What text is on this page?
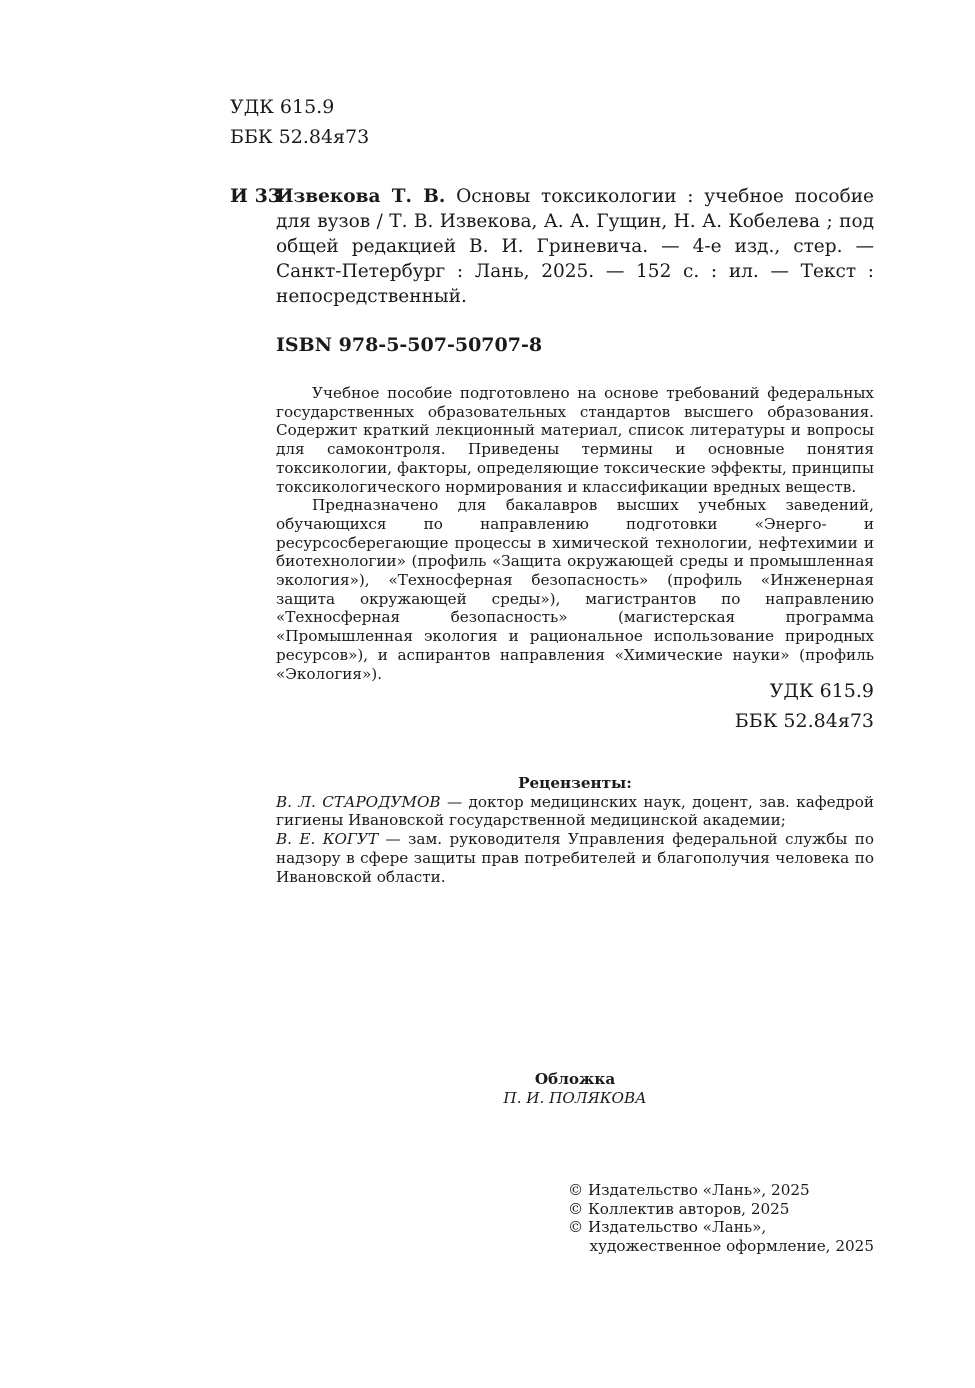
УДК 615.9
ББК 52.84я73
И 33
Извекова Т. В. Основы токсикологии : учебное пособие для вузов / Т. В. Извекова, А. А. Гущин, Н. А. Кобелева ; под общей редакцией В. И. Гриневича. — 4-е изд., стер. — Санкт-Петербург : Лань, 2025. — 152 с. : ил. — Текст : непосредственный.
ISBN 978-5-507-50707-8

Учебное пособие подготовлено на основе требований федеральных государственных образовательных стандартов высшего образования. Содержит краткий лекционный материал, список литературы и вопросы для самоконтроля. Приведены термины и основные понятия токсикологии, факторы, определяющие токсические эффекты, принципы токсикологического нормирования и классификации вредных веществ.

Предназначено для бакалавров высших учебных заведений, обучающихся по направлению подготовки «Энерго- и ресурсосберегающие процессы в химической технологии, нефтехимии и биотехнологии» (профиль «Защита окружающей среды и промышленная экология»), «Техносферная безопасность» (профиль «Инженерная защита окружающей среды»), магистрантов по направлению «Техносферная безопасность» (магистерская программа «Промышленная экология и рациональное использование природных ресурсов»), и аспирантов направления «Химические науки» (профиль «Экология»).

УДК 615.9
ББК 52.84я73
Рецензенты:

В. Л. СТАРОДУМОВ — доктор медицинских наук, доцент, зав. кафедрой гигиены Ивановской государственной медицинской академии;

В. Е. КОГУТ — зам. руководителя Управления федеральной службы по надзору в сфере защиты прав потребителей и благополучия человека по Ивановской области.

Обложка
П. И. ПОЛЯКОВА
© Издательство «Лань», 2025
© Коллектив авторов, 2025
© Издательство «Лань»,
художественное оформление, 2025
